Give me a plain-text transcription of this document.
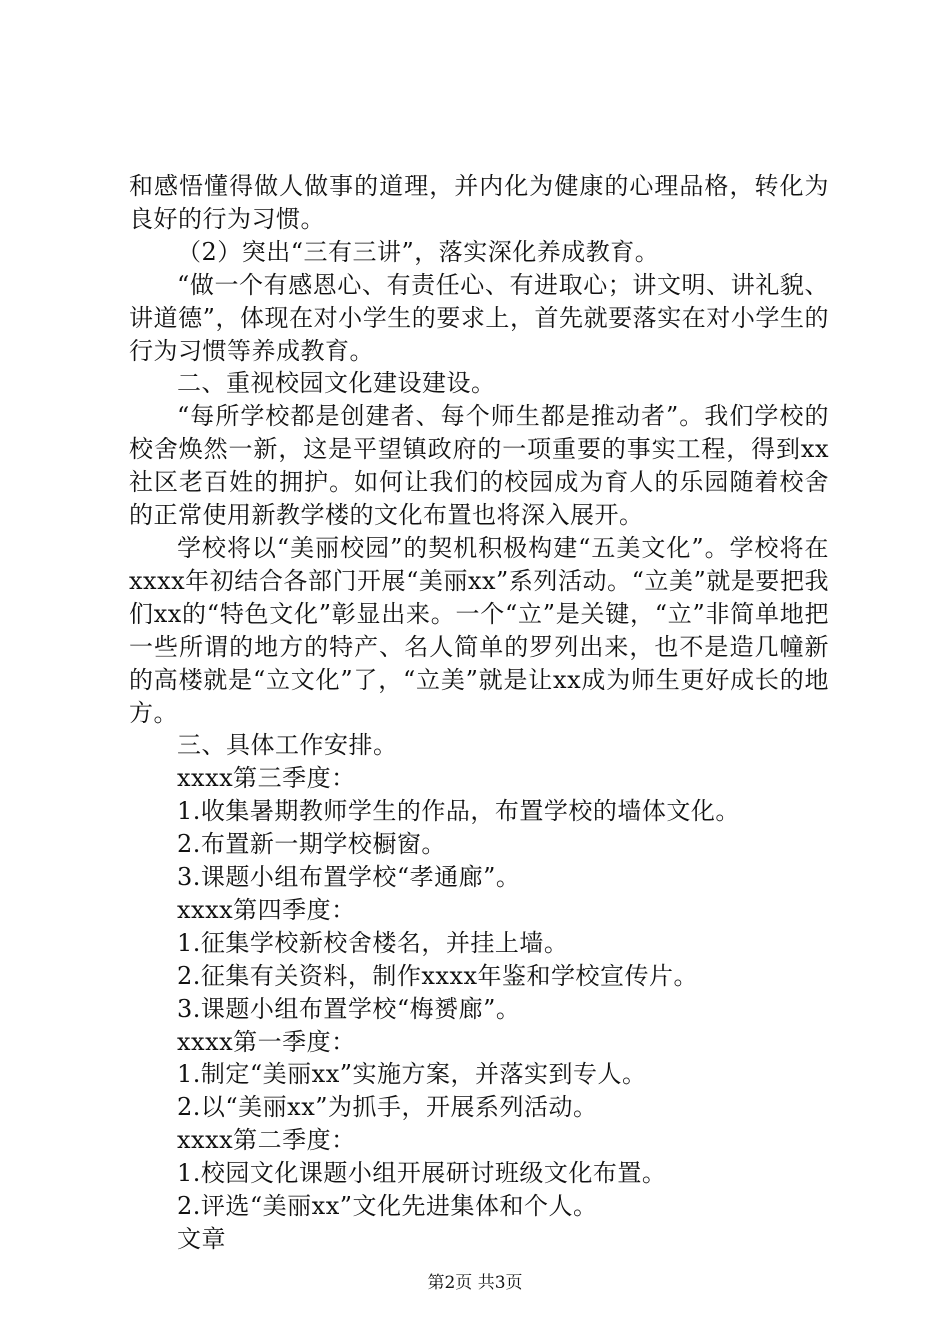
和感悟懂得做人做事的道理，并内化为健康的心理品格，转化为良好的行为习惯。

（2）突出“三有三讲”，落实深化养成教育。

“做一个有感恩心、有责任心、有进取心；讲文明、讲礼貌、讲道德”，体现在对小学生的要求上，首先就要落实在对小学生的行为习惯等养成教育。

二、重视校园文化建设建设。

“每所学校都是创建者、每个师生都是推动者”。我们学校的校舍焕然一新，这是平望镇政府的一项重要的事实工程，得到xx社区老百姓的拥护。如何让我们的校园成为育人的乐园随着校舍的正常使用新教学楼的文化布置也将深入展开。

学校将以“美丽校园”的契机积极构建“五美文化”。学校将在xxxx年初结合各部门开展“美丽xx”系列活动。“立美”就是要把我们xx的“特色文化”彰显出来。一个“立”是关键，“立”非简单地把一些所谓的地方的特产、名人简单的罗列出来，也不是造几幢新的高楼就是“立文化”了，“立美”就是让xx成为师生更好成长的地方。

三、具体工作安排。

xxxx第三季度：

1.收集暑期教师学生的作品，布置学校的墙体文化。

2.布置新一期学校橱窗。

3.课题小组布置学校“孝通廊”。

xxxx第四季度：

1.征集学校新校舍楼名，并挂上墙。

2.征集有关资料，制作xxxx年鉴和学校宣传片。

3.课题小组布置学校“梅赟廊”。

xxxx第一季度：

1.制定“美丽xx”实施方案，并落实到专人。

2.以“美丽xx”为抓手，开展系列活动。

xxxx第二季度：

1.校园文化课题小组开展研讨班级文化布置。

2.评选“美丽xx”文化先进集体和个人。

文章

第2页 共3页
